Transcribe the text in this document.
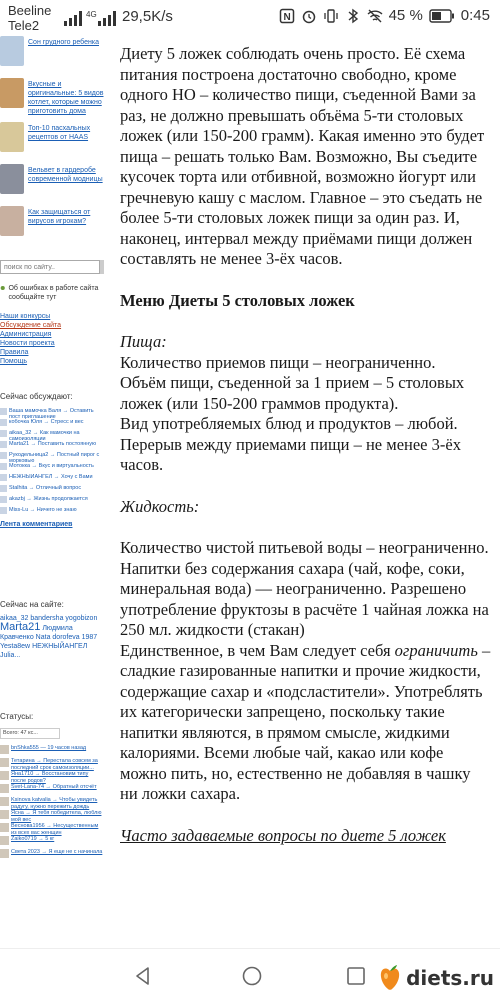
Beeline
Tele2
4G 29,5K/s	N	45 %	0:45
Сон грудного ребенка
Вкусные и оригинальные: 5 видов котлет, которые можно приготовить дома
Топ-10 пасхальных рецептов от HAAS
Вельвет в гардеробе современной модницы
Как защищаться от вирусов игрокам?
поиск по сайту..
Об ошибках в работе сайта сообщайте тут
Наши конкурсы
Обсуждение сайта
Администрация
Новости проекта
Правила
Помощь
Сейчас обсуждают:
Ваша мамочка Валя → Оставить пост приглашение
кобочка Юля → Стресс и вес
aikaa_32 → Как мамочки на самоизоляции
Marta21 → Поставить постоянную
Рукодельница2 → Постный пирог с морковью
Мотокка → Вкус и виртуальность
НЕЖНЫЙАНГЕЛ → Хочу с Вами
Stalhita → Отличный вопрос
akazbj → Жизнь продолжается
Miss-Lu → Ничего не знаю
Лента комментариев
Сейчас на сайте:
aikaa_32 bandersha yogobizon Marta21 Людмила Кравченко Nata dorofeva 1987 Yesta8ew НЕЖНЫЙАНГЕЛ Julia...
Статусы:
Всего: 47 кс...
bnShka555 — 19 часов назад
Тетарина → Перестала совсем за последний срок самоизоляции...
Яна1710 → Восстановим типу после родов?
Svet-Lana-74 → Обратный отсчёт
Ksinova katvalia → Чтобы увидеть радугу, нужно пережить дождь
Ясна → Я тебя победитела, люблю мой вес
Веснова1956 → Несущественным из всех вас женщин
Zaiko0719 → 5 кг
Света 2023 → Я еще не с начинала

Диету 5 ложек соблюдать очень просто. Её схема питания построена достаточно свободно, кроме одного НО – количество пищи, съеденной Вами за раз, не должно превышать объёма 5-ти столовых ложек (или 150-200 грамм). Какая именно это будет пища – решать только Вам. Возможно, Вы съедите кусочек торта или отбивной, возможно йогурт или гречневую кашу с маслом. Главное – это съедать не более 5-ти столовых ложек пищи за один раз. И, наконец, интервал между приёмами пищи должен составлять не менее 3-ёх часов.

Меню Диеты 5 столовых ложек

Пища:

Количество приемов пищи – неограниченно.

Объём пищи, съеденной за 1 прием – 5 столовых ложек (или 150-200 граммов продукта).

Вид употребляемых блюд и продуктов – любой.

Перерыв между приемами пищи – не менее 3-ёх часов.

Жидкость:

Количество чистой питьевой воды – неограниченно.

Напитки без содержания сахара (чай, кофе, соки, минеральная вода) — неограниченно. Разрешено употребление фруктозы в расчёте 1 чайная ложка на 250 мл. жидкости (стакан)

Единственное, в чем Вам следует себя ограничить – сладкие газированные напитки и прочие жидкости, содержащие сахар и «подсластители». Употреблять их категорически запрещено, поскольку такие напитки являются, в прямом смысле, жидкими калориями. Всеми любые чай, какао или кофе можно пить, но, естественно не добавляя в чашку ни ложки сахара.

Часто задаваемые вопросы по диете 5 ложек
diets.ru
